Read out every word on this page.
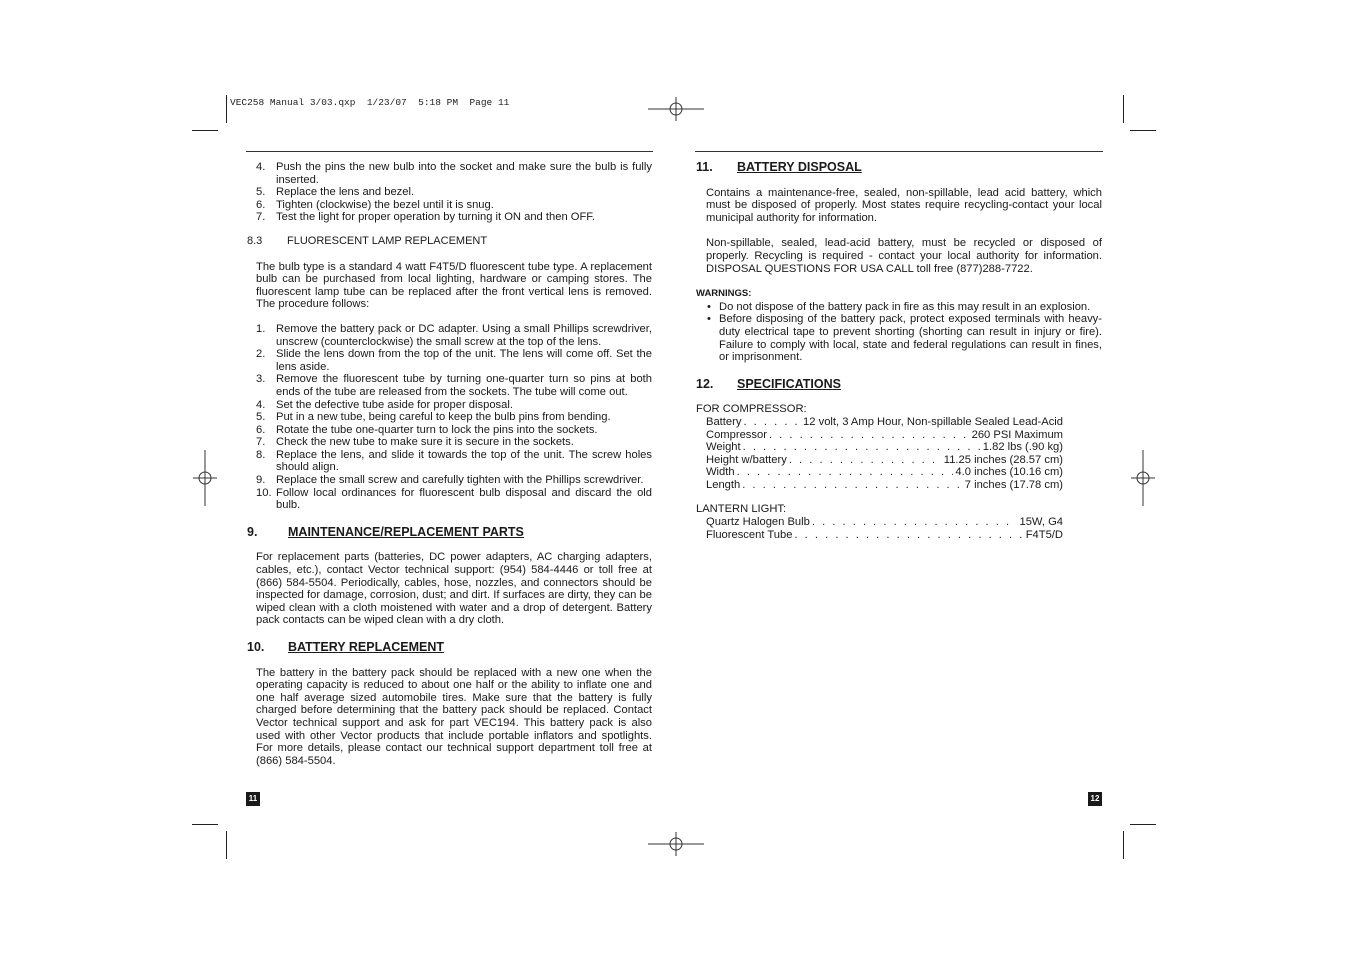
VEC258 Manual 3/03.qxp  1/23/07  5:18 PM  Page 11
4. Push the pins the new bulb into the socket and make sure the bulb is fully inserted.
5. Replace the lens and bezel.
6. Tighten (clockwise) the bezel until it is snug.
7. Test the light for proper operation by turning it ON and then OFF.
8.3	FLUORESCENT LAMP REPLACEMENT

The bulb type is a standard 4 watt F4T5/D fluorescent tube type. A replacement bulb can be purchased from local lighting, hardware or camping stores. The fluorescent lamp tube can be replaced after the front vertical lens is removed. The procedure follows:

1. Remove the battery pack or DC adapter. Using a small Phillips screwdriver, unscrew (counterclockwise) the small screw at the top of the lens.
2. Slide the lens down from the top of the unit. The lens will come off. Set the lens aside.
3. Remove the fluorescent tube by turning one-quarter turn so pins at both ends of the tube are released from the sockets. The tube will come out.
4. Set the defective tube aside for proper disposal.
5. Put in a new tube, being careful to keep the bulb pins from bending.
6. Rotate the tube one-quarter turn to lock the pins into the sockets.
7. Check the new tube to make sure it is secure in the sockets.
8. Replace the lens, and slide it towards the top of the unit. The screw holes should align.
9. Replace the small screw and carefully tighten with the Phillips screwdriver.
10. Follow local ordinances for fluorescent bulb disposal and discard the old bulb.
9.	MAINTENANCE/REPLACEMENT PARTS

For replacement parts (batteries, DC power adapters, AC charging adapters, cables, etc.), contact Vector technical support: (954) 584-4446 or toll free at (866) 584-5504. Periodically, cables, hose, nozzles, and connectors should be inspected for damage, corrosion, dust; and dirt. If surfaces are dirty, they can be wiped clean with a cloth moistened with water and a drop of detergent. Battery pack contacts can be wiped clean with a dry cloth.

10.	BATTERY REPLACEMENT

The battery in the battery pack should be replaced with a new one when the operating capacity is reduced to about one half or the ability to inflate one and one half average sized automobile tires. Make sure that the battery is fully charged before determining that the battery pack should be replaced. Contact Vector technical support and ask for part VEC194. This battery pack is also used with other Vector products that include portable inflators and spotlights. For more details, please contact our technical support department toll free at (866) 584-5504.

11
11.	BATTERY DISPOSAL

Contains a maintenance-free, sealed, non-spillable, lead acid battery, which must be disposed of properly. Most states require recycling-contact your local municipal authority for information.

Non-spillable, sealed, lead-acid battery, must be recycled or disposed of properly. Recycling is required - contact your local authority for information. DISPOSAL QUESTIONS FOR USA CALL toll free (877)288-7722.

WARNINGS:
• Do not dispose of the battery pack in fire as this may result in an explosion.
• Before disposing of the battery pack, protect exposed terminals with heavy-duty electrical tape to prevent shorting (shorting can result in injury or fire). Failure to comply with local, state and federal regulations can result in fines, or imprisonment.
12.	SPECIFICATIONS
FOR COMPRESSOR:
Battery . . .	12 volt, 3 Amp Hour, Non-spillable Sealed Lead-Acid
Compressor . . .	260 PSI Maximum
Weight . . .	1.82 lbs (.90 kg)
Height w/battery . . .	11.25 inches (28.57 cm)
Width . . .	4.0 inches (10.16 cm)
Length . . .	7 inches (17.78 cm)
LANTERN LIGHT:
Quartz Halogen Bulb . . .	15W, G4
Fluorescent Tube . . .	F4T5/D
12
